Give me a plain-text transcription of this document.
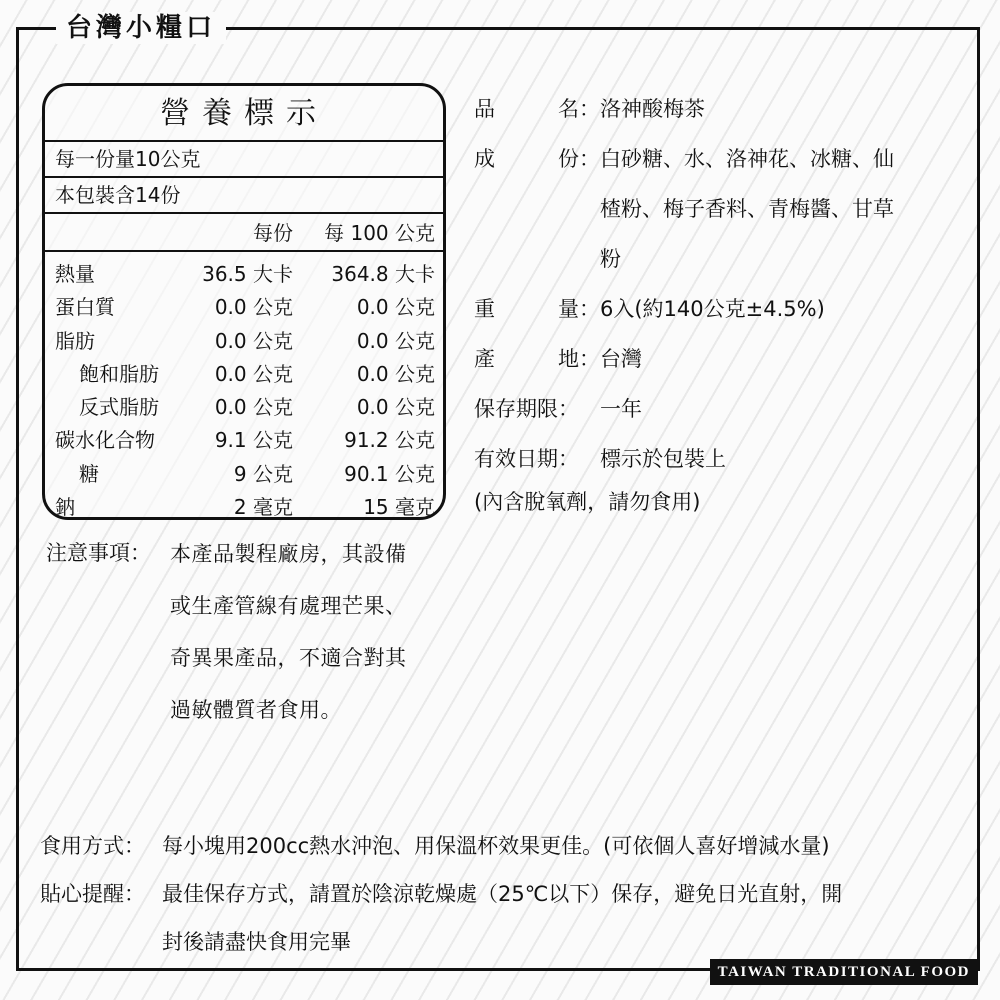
台灣小糧口
營養標示
每一份量10公克
本包裝含14份
每份 每 100 公克
熱量	36.5 大卡 364.8 大卡
蛋白質	0.0 公克	0.0 公克
脂肪	0.0 公克	0.0 公克
飽和脂肪	0.0 公克	0.0 公克
反式脂肪	0.0 公克	0.0 公克
碳水化合物	9.1 公克	91.2 公克
糖	9 公克	90.1 公克
鈉	2 毫克	15 毫克
品	名： 洛神酸梅茶
成	份： 白砂糖、水、洛神花、冰糖、仙
楂粉、梅子香料、青梅醬、甘草
粉
重	量： 6入(約140公克±4.5%)
產	地： 台灣
保存期限：	一年
有效日期：	標示於包裝上
(內含脫氧劑，請勿食用)
注意事項： 本產品製程廠房，其設備
或生產管線有處理芒果、
奇異果產品，不適合對其
過敏體質者食用。
食用方式： 每小塊用200cc熱水沖泡、用保溫杯效果更佳。(可依個人喜好增減水量)
貼心提醒： 最佳保存方式，請置於陰涼乾燥處（25℃以下）保存，避免日光直射，開
封後請盡快食用完畢
TAIWAN TRADITIONAL FOOD
